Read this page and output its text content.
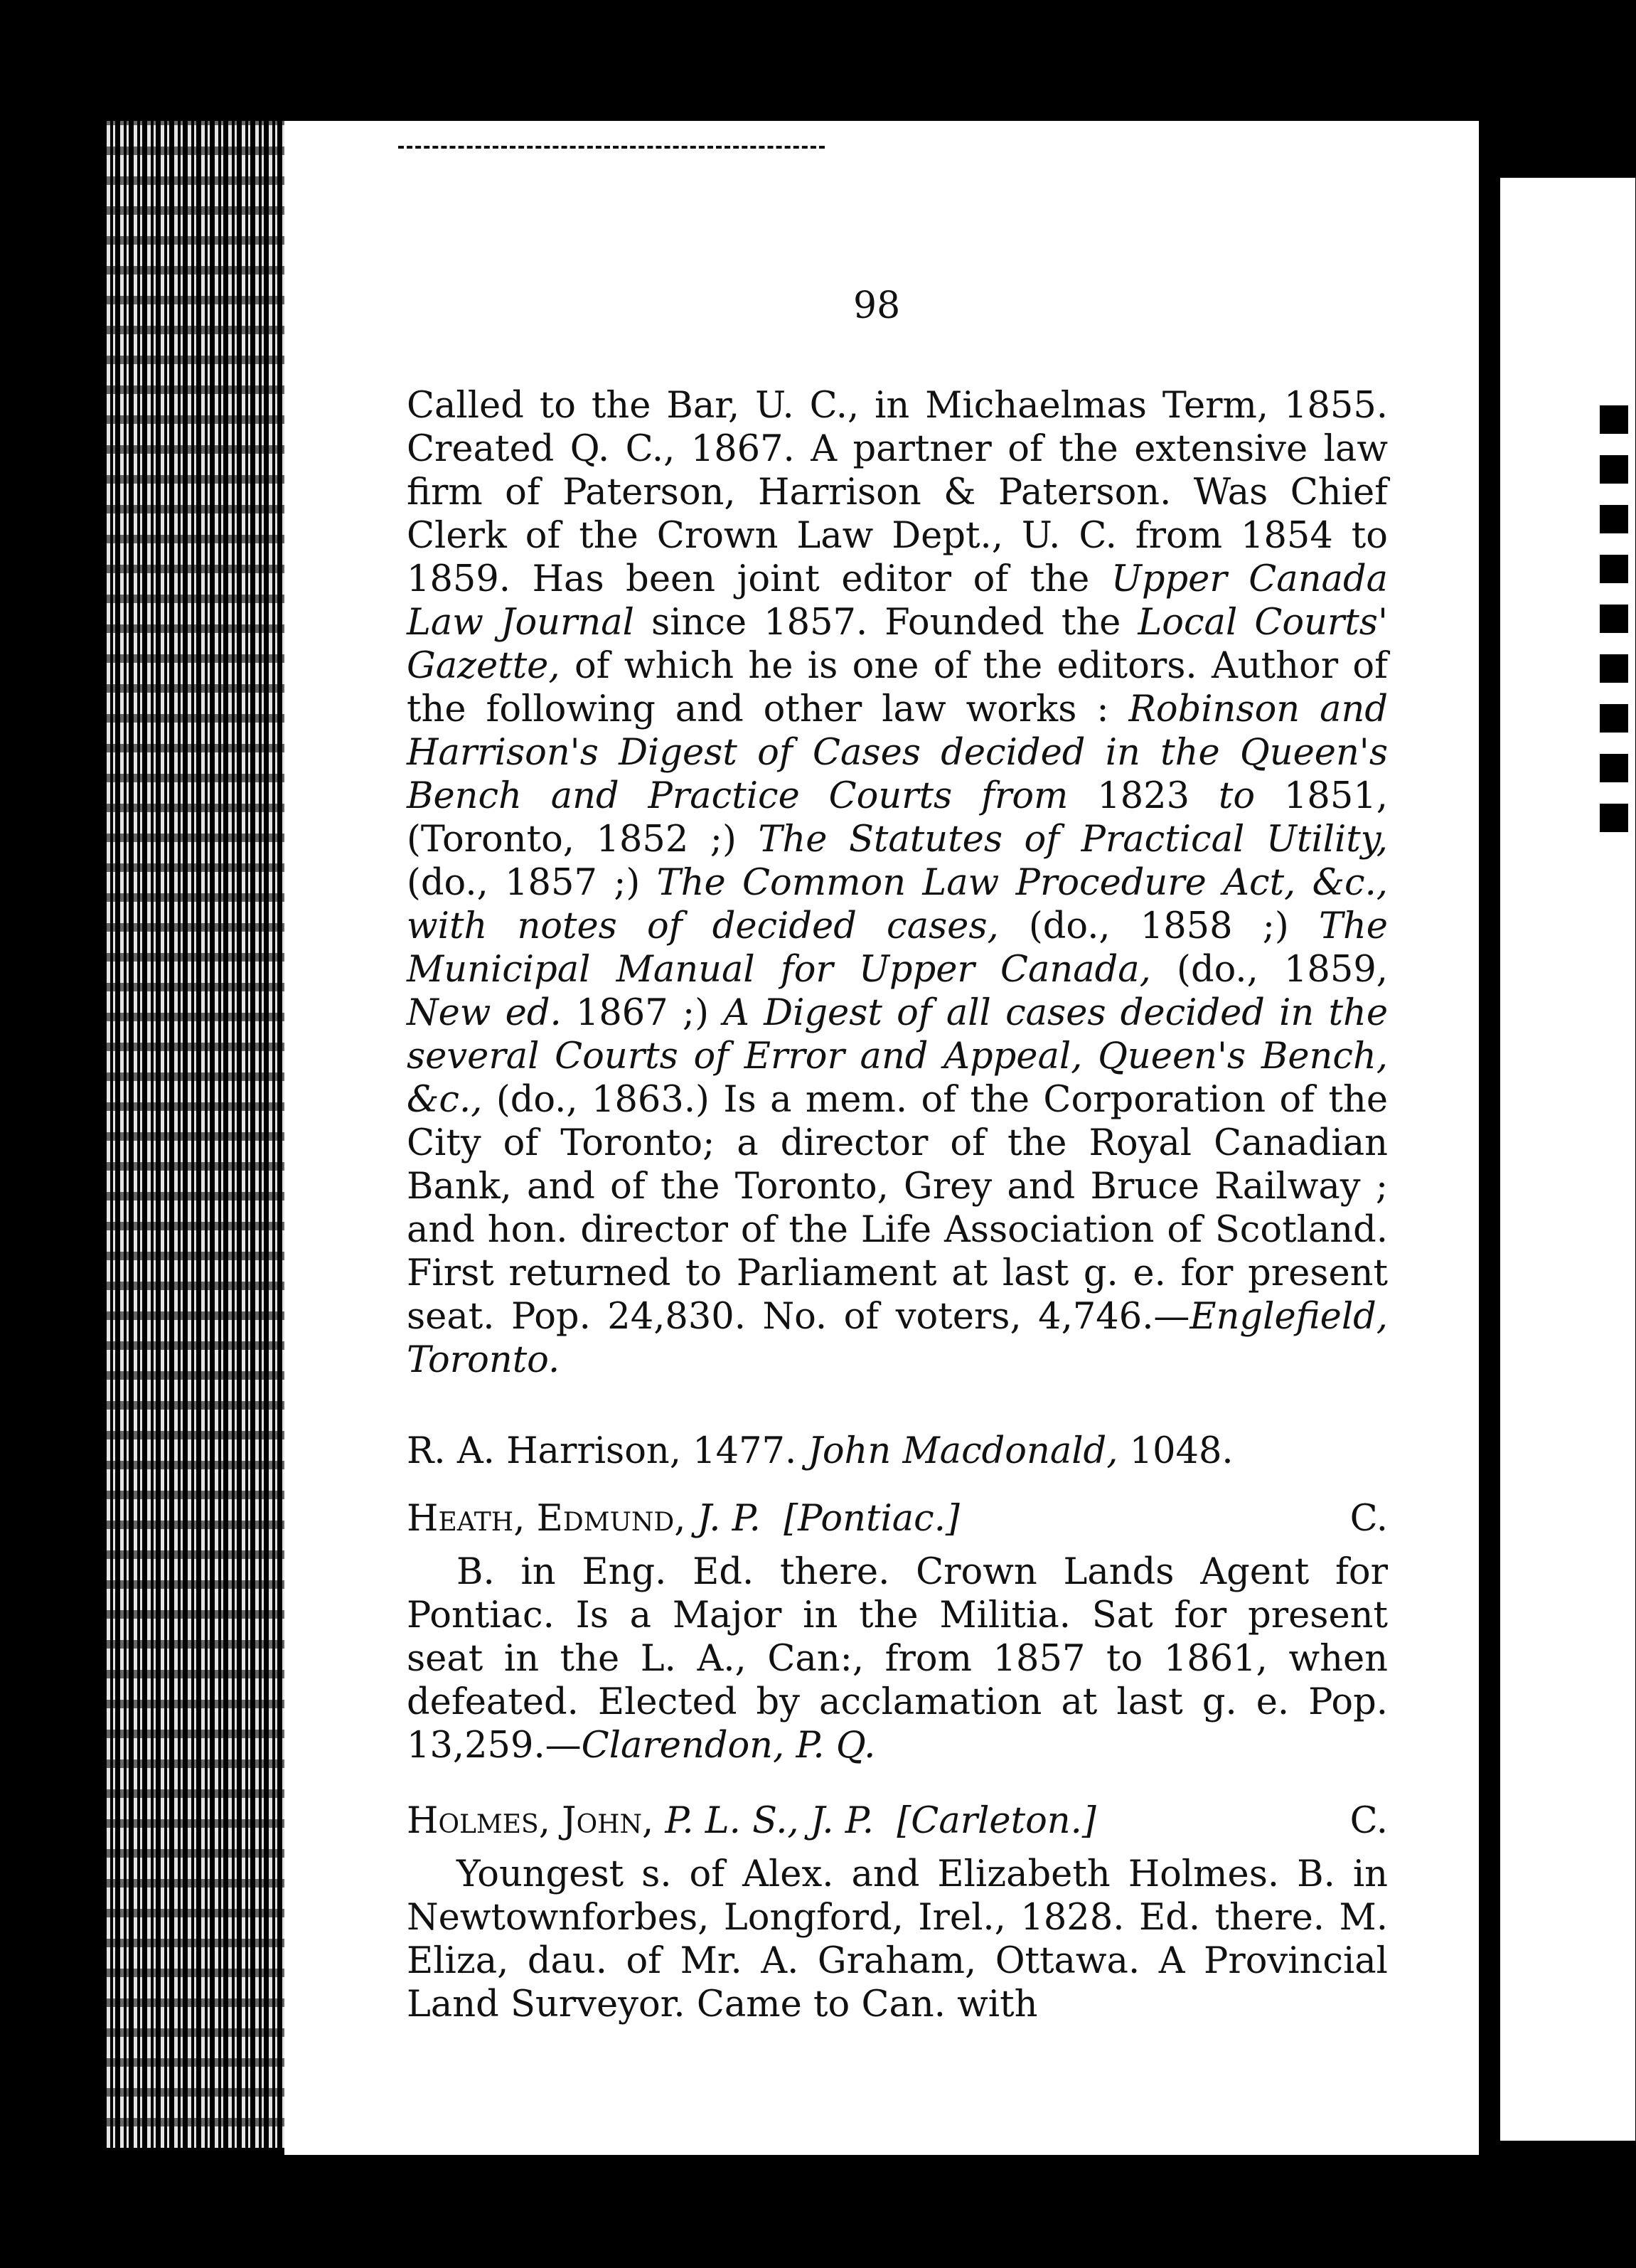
98

Called to the Bar, U. C., in Michaelmas Term, 1855. Created Q. C., 1867. A partner of the extensive law firm of Paterson, Harrison & Paterson. Was Chief Clerk of the Crown Law Dept., U. C. from 1854 to 1859. Has been joint editor of the Upper Canada Law Journal since 1857. Founded the Local Courts' Gazette, of which he is one of the editors. Author of the following and other law works : Robinson and Harrison's Digest of Cases decided in the Queen's Bench and Practice Courts from 1823 to 1851, (Toronto, 1852 ;) The Statutes of Practical Utility, (do., 1857 ;) The Common Law Procedure Act, &c., with notes of decided cases, (do., 1858 ;) The Municipal Manual for Upper Canada, (do., 1859, New ed. 1867 ;) A Digest of all cases decided in the several Courts of Error and Appeal, Queen's Bench, &c., (do., 1863.) Is a mem. of the Corporation of the City of Toronto; a director of the Royal Canadian Bank, and of the Toronto, Grey and Bruce Railway ; and hon. director of the Life Association of Scotland. First returned to Parliament at last g. e. for present seat. Pop. 24,830. No. of voters, 4,746.—Englefield, Toronto.

R. A. Harrison, 1477. John Macdonald, 1048.

Heath, Edmund, J. P. [Pontiac.]	C.

B. in Eng. Ed. there. Crown Lands Agent for Pontiac. Is a Major in the Militia. Sat for present seat in the L. A., Can:, from 1857 to 1861, when defeated. Elected by acclamation at last g. e. Pop. 13,259.—Clarendon, P. Q.

Holmes, John, P. L. S., J. P. [Carleton.]	C.

Youngest s. of Alex. and Elizabeth Holmes. B. in Newtownforbes, Longford, Irel., 1828. Ed. there. M. Eliza, dau. of Mr. A. Graham, Ottawa. A Provincial Land Surveyor. Came to Can. with
